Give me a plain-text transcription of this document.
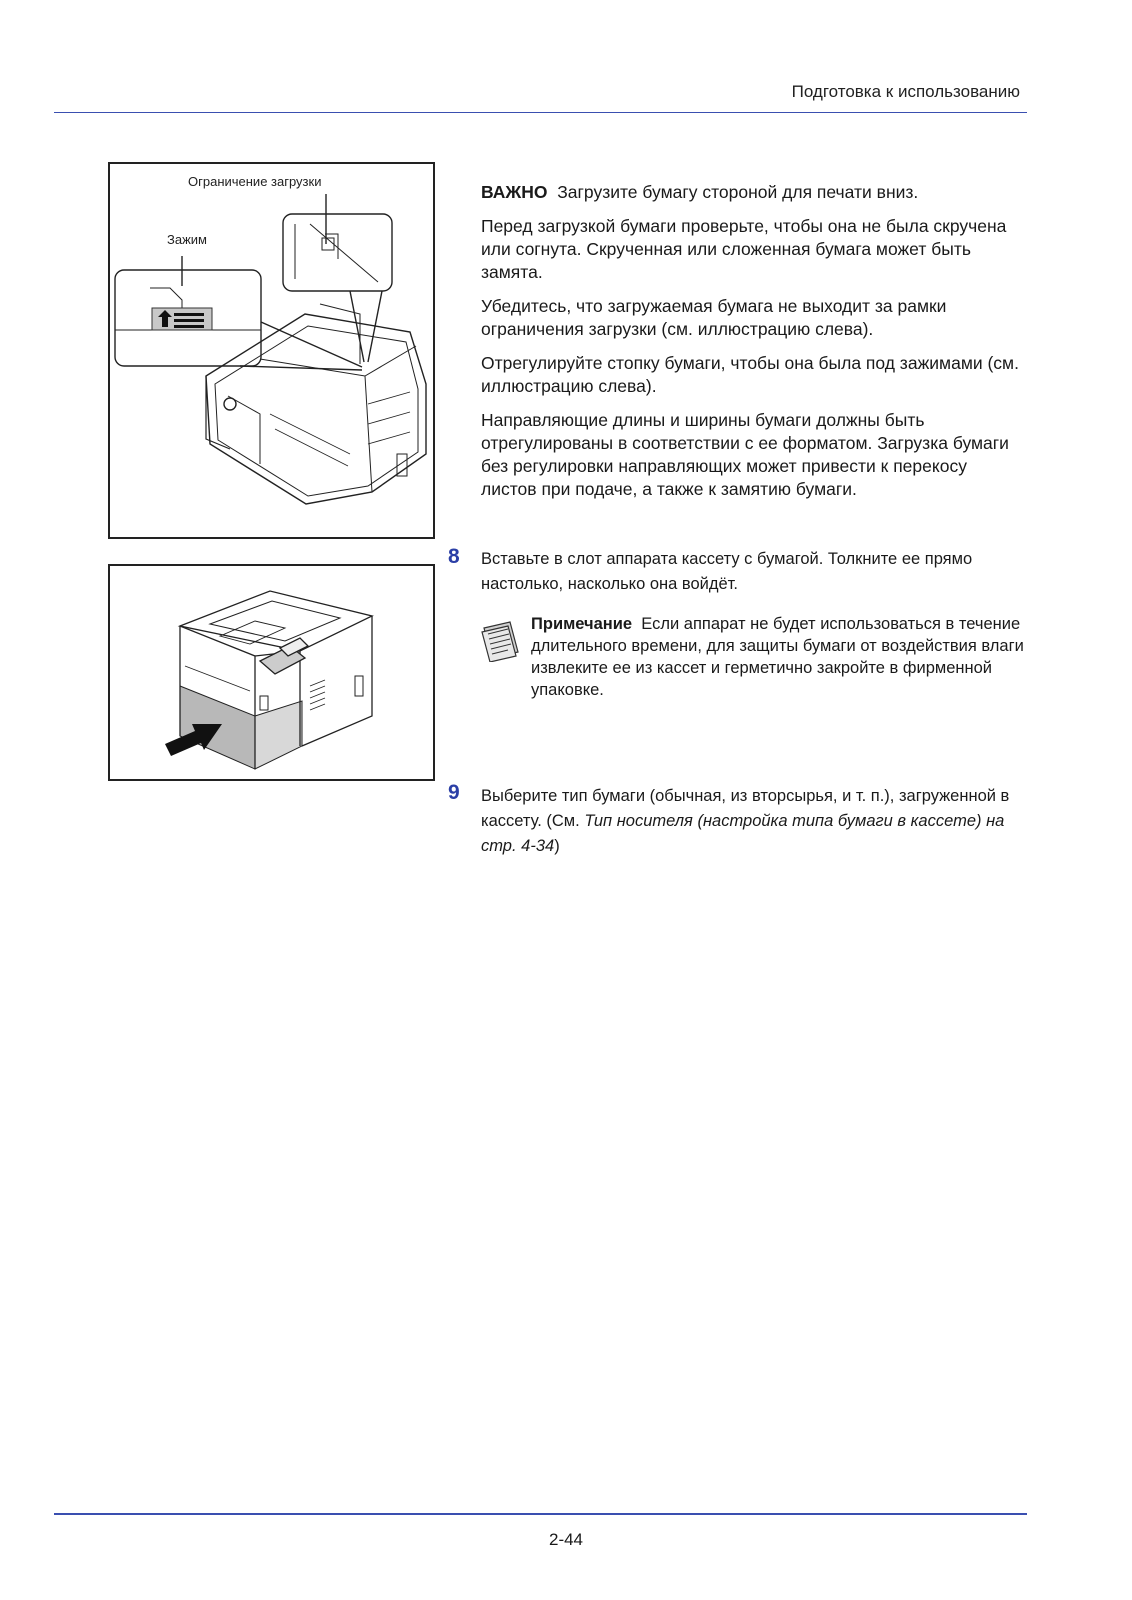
Подготовка к использованию
Ограничение загрузки
Зажим

ВАЖНО Загрузите бумагу стороной для печати вниз.

Перед загрузкой бумаги проверьте, чтобы она не была скручена или согнута. Скрученная или сложенная бумага может быть замята.

Убедитесь, что загружаемая бумага не выходит за рамки ограничения загрузки (см. иллюстрацию слева).

Отрегулируйте стопку бумаги, чтобы она была под зажимами (см. иллюстрацию слева).

Направляющие длины и ширины бумаги должны быть отрегулированы в соответствии с ее форматом. Загрузка бумаги без регулировки направляющих может привести к перекосу листов при подаче, а также к замятию бумаги.

8 Вставьте в слот аппарата кассету с бумагой. Толкните ее прямо настолько, насколько она войдёт.
Примечание Если аппарат не будет использоваться в течение длительного времени, для защиты бумаги от воздействия влаги извлеките ее из кассет и герметично закройте в фирменной упаковке.
9 Выберите тип бумаги (обычная, из вторсырья, и т. п.), загруженной в кассету. (См. Тип носителя (настройка типа бумаги в кассете) на стр. 4-34)
2-44
